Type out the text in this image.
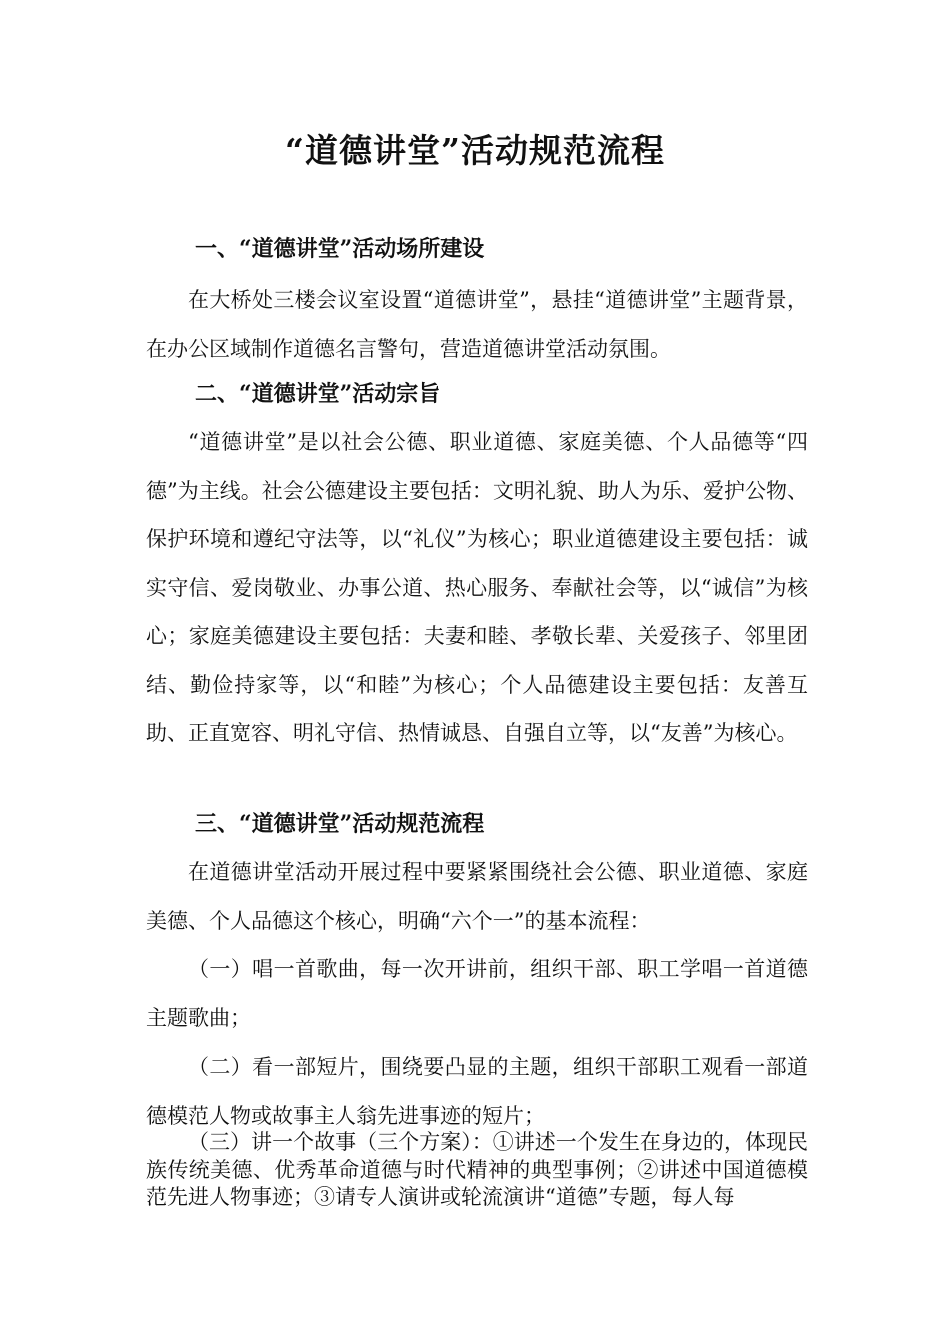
“道德讲堂”活动规范流程
一、“道德讲堂”活动场所建设
在大桥处三楼会议室设置“道德讲堂”，悬挂“道德讲堂”主题背景，在办公区域制作道德名言警句，营造道德讲堂活动氛围。
二、“道德讲堂”活动宗旨
“道德讲堂”是以社会公德、职业道德、家庭美德、个人品德等“四德”为主线。社会公德建设主要包括：文明礼貌、助人为乐、爱护公物、保护环境和遵纪守法等，以“礼仪”为核心；职业道德建设主要包括：诚实守信、爱岗敬业、办事公道、热心服务、奉献社会等，以“诚信”为核心；家庭美德建设主要包括：夫妻和睦、孝敬长辈、关爱孩子、邻里团结、勤俭持家等，以“和睦”为核心；个人品德建设主要包括：友善互助、正直宽容、明礼守信、热情诚恳、自强自立等，以“友善”为核心。
三、“道德讲堂”活动规范流程
在道德讲堂活动开展过程中要紧紧围绕社会公德、职业道德、家庭美德、个人品德这个核心，明确“六个一”的基本流程：
（一）唱一首歌曲，每一次开讲前，组织干部、职工学唱一首道德主题歌曲；
（二）看一部短片，围绕要凸显的主题，组织干部职工观看一部道德模范人物或故事主人翁先进事迹的短片；
（三）讲一个故事（三个方案）：①讲述一个发生在身边的，体现民族传统美德、优秀革命道德与时代精神的典型事例；②讲述中国道德模范先进人物事迹；③请专人演讲或轮流演讲“道德”专题，每人每
